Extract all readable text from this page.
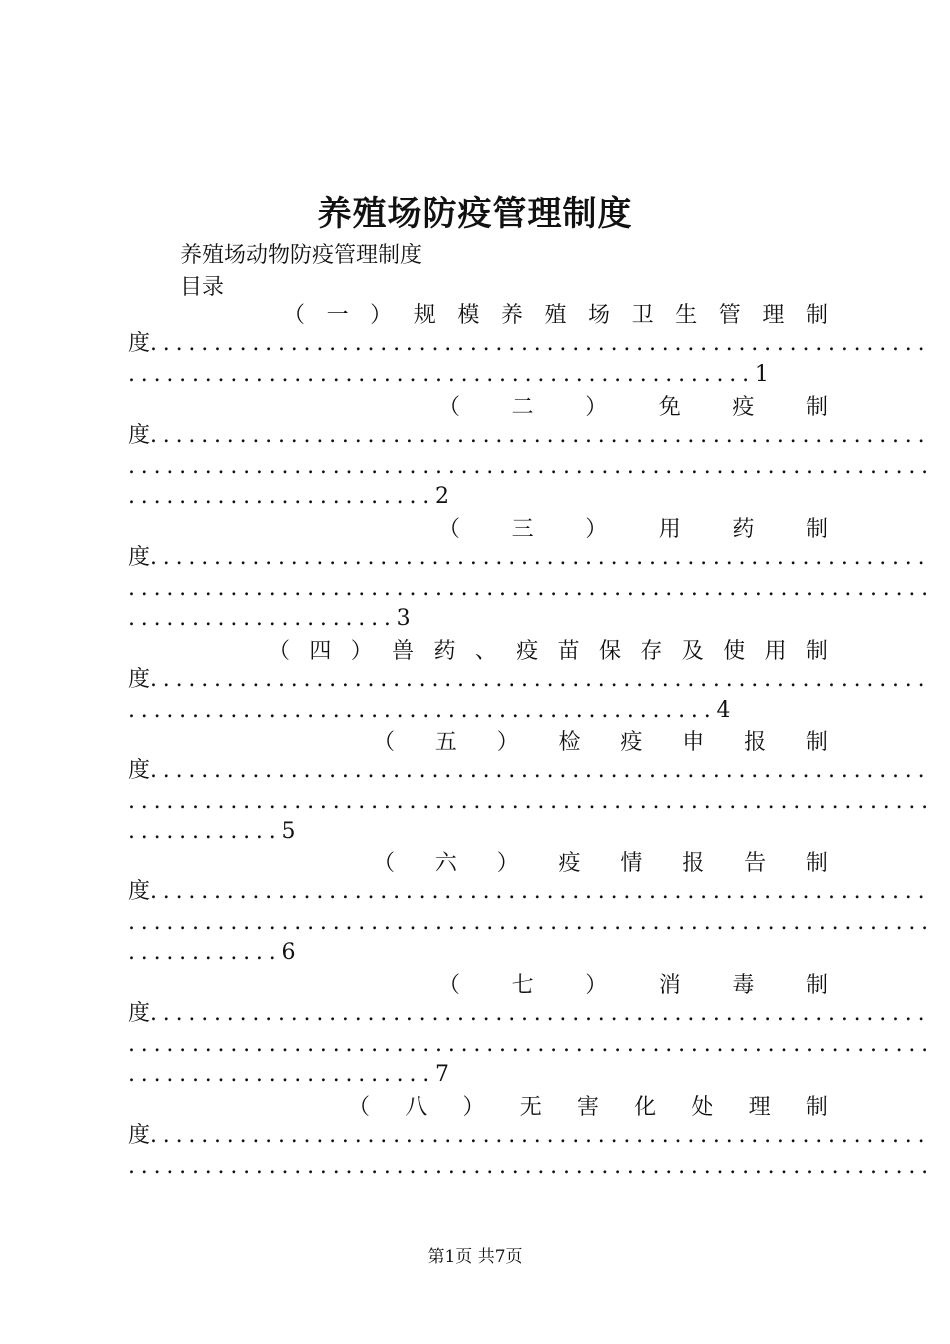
养殖场防疫管理制度
养殖场动物防疫管理制度
目录
（ 一 ） 规 模 养 殖 场 卫 生 管 理 制
度.............................................................
.................................................1
（ 二 ） 免 疫 制
度.............................................................
...............................................................
........................2
（ 三 ） 用 药 制
度.............................................................
...............................................................
.....................3
（ 四 ） 兽 药 、 疫 苗 保 存 及 使 用 制
度.............................................................
..............................................4
（ 五 ） 检 疫 申 报 制
度.............................................................
...............................................................
............5
（ 六 ） 疫 情 报 告 制
度.............................................................
...............................................................
............6
（ 七 ） 消 毒 制
度.............................................................
...............................................................
........................7
（ 八 ） 无 害 化 处 理 制
度.............................................................
...............................................................
第1页 共7页
